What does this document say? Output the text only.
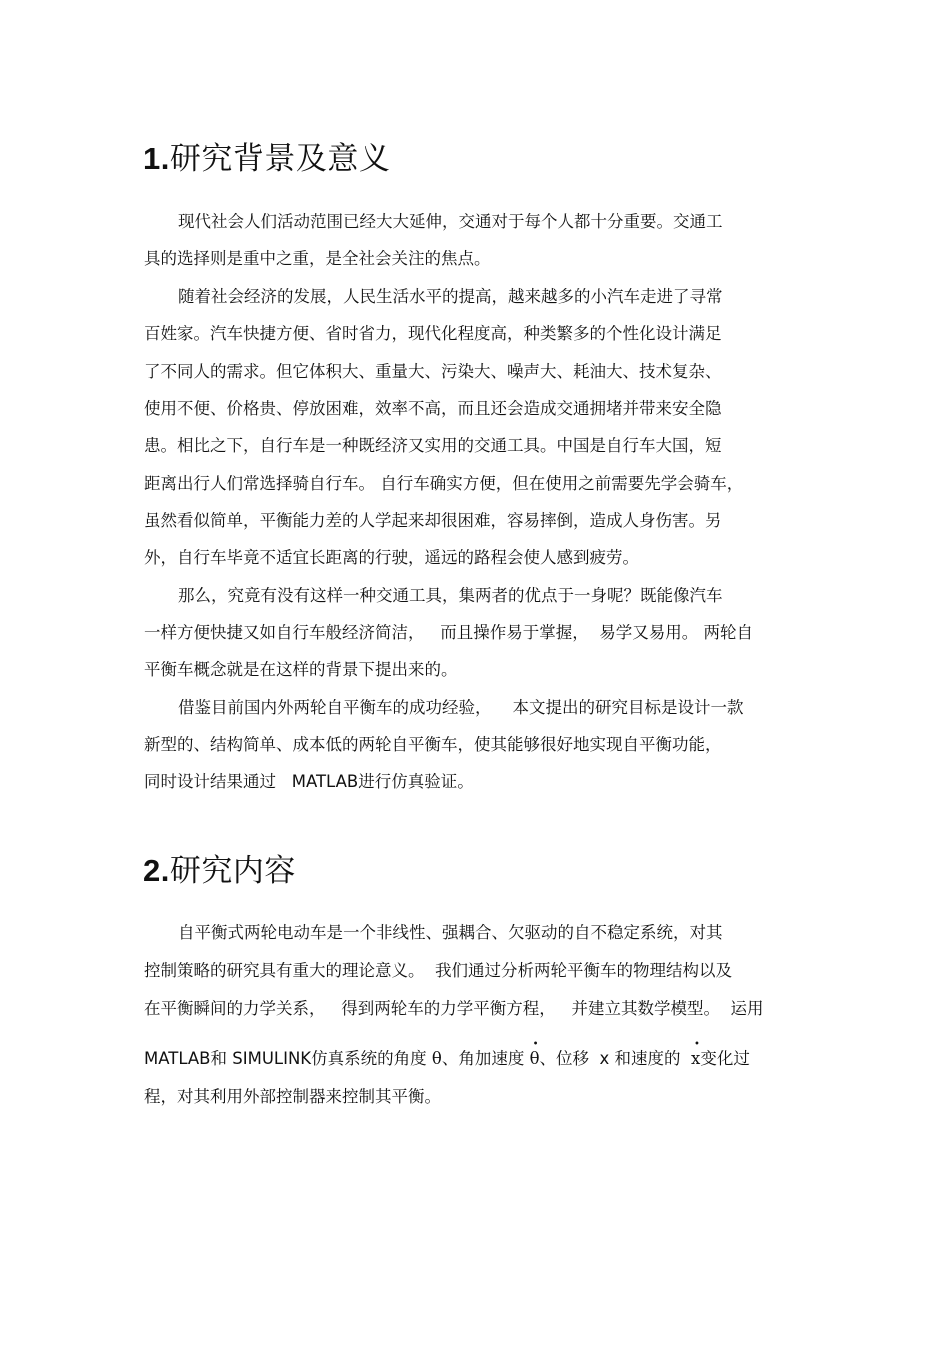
1.研究背景及意义
现代社会人们活动范围已经大大延伸，交通对于每个人都十分重要。交通工
具的选择则是重中之重，是全社会关注的焦点。
随着社会经济的发展，人民生活水平的提高，越来越多的小汽车走进了寻常
百姓家。汽车快捷方便、省时省力，现代化程度高，种类繁多的个性化设计满足
了不同人的需求。但它体积大、重量大、污染大、噪声大、耗油大、技术复杂、
使用不便、价格贵、停放困难，效率不高，而且还会造成交通拥堵并带来安全隐
患。相比之下，自行车是一种既经济又实用的交通工具。中国是自行车大国，短
距离出行人们常选择骑自行车。 自行车确实方便，但在使用之前需要先学会骑车，
虽然看似简单，平衡能力差的人学起来却很困难，容易摔倒，造成人身伤害。另
外，自行车毕竟不适宜长距离的行驶，遥远的路程会使人感到疲劳。
那么，究竟有没有这样一种交通工具，集两者的优点于一身呢？既能像汽车
一样方便快捷又如自行车般经济简洁，   而且操作易于掌握，  易学又易用。 两轮自
平衡车概念就是在这样的背景下提出来的。
借鉴目前国内外两轮自平衡车的成功经验，    本文提出的研究目标是设计一款
新型的、结构简单、成本低的两轮自平衡车，使其能够很好地实现自平衡功能，
同时设计结果通过   MATLAB进行仿真验证。
2.研究内容
自平衡式两轮电动车是一个非线性、强耦合、欠驱动的自不稳定系统，对其
控制策略的研究具有重大的理论意义。  我们通过分析两轮平衡车的物理结构以及
在平衡瞬间的力学关系，   得到两轮车的力学平衡方程，   并建立其数学模型。  运用
MATLAB和 SIMULINK仿真系统的角度 θ、角加速度
•
θ、位移  x 和速度的
•
x变化过
程，对其利用外部控制器来控制其平衡。
